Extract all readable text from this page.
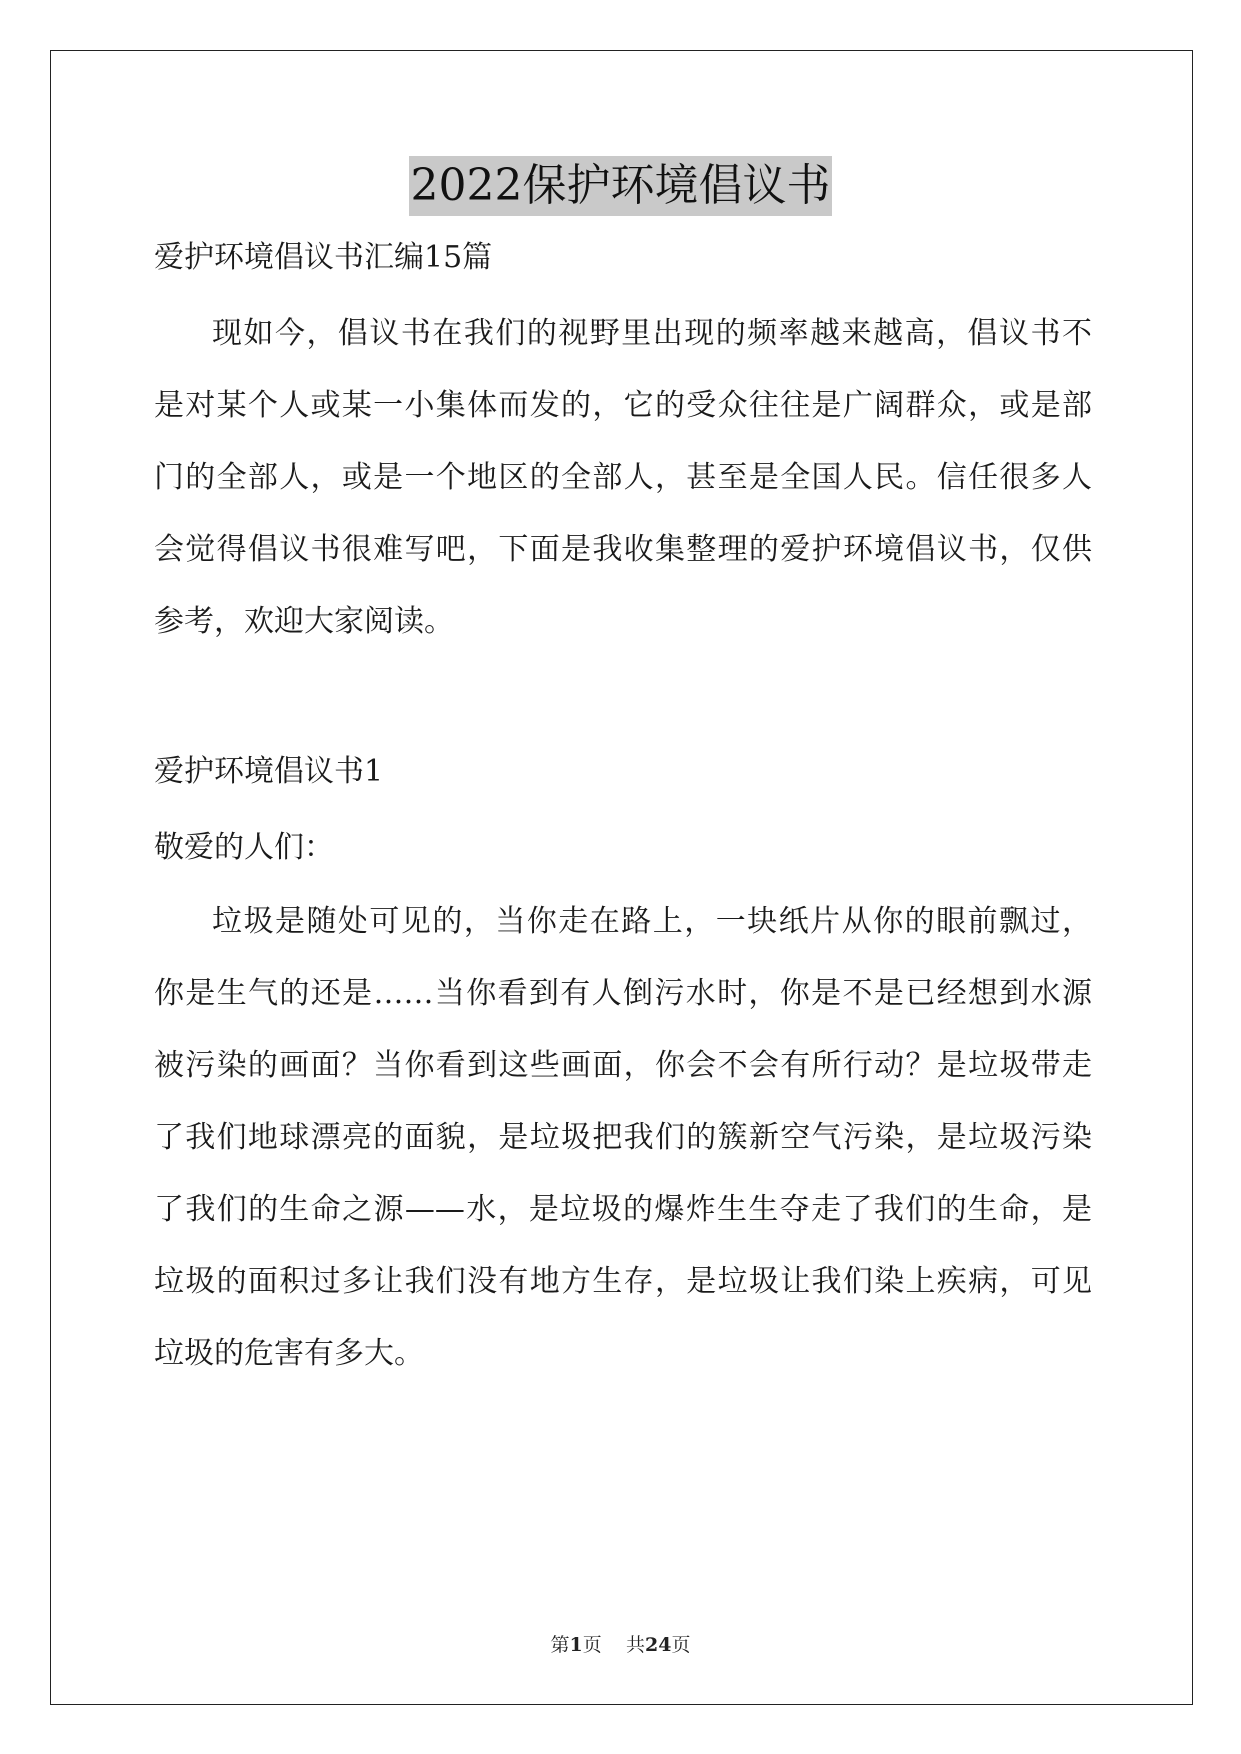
2022保护环境倡议书
爱护环境倡议书汇编15篇
现如今，倡议书在我们的视野里出现的频率越来越高，倡议书不
是对某个人或某一小集体而发的，它的受众往往是广阔群众，或是部
门的全部人，或是一个地区的全部人，甚至是全国人民。信任很多人
会觉得倡议书很难写吧，下面是我收集整理的爱护环境倡议书，仅供
参考，欢迎大家阅读。
爱护环境倡议书1
敬爱的人们：
垃圾是随处可见的，当你走在路上，一块纸片从你的眼前飘过，
你是生气的还是……当你看到有人倒污水时，你是不是已经想到水源
被污染的画面？当你看到这些画面，你会不会有所行动？是垃圾带走
了我们地球漂亮的面貌，是垃圾把我们的簇新空气污染，是垃圾污染
了我们的生命之源——水，是垃圾的爆炸生生夺走了我们的生命，是
垃圾的面积过多让我们没有地方生存，是垃圾让我们染上疾病，可见
垃圾的危害有多大。
第1页 共24页
